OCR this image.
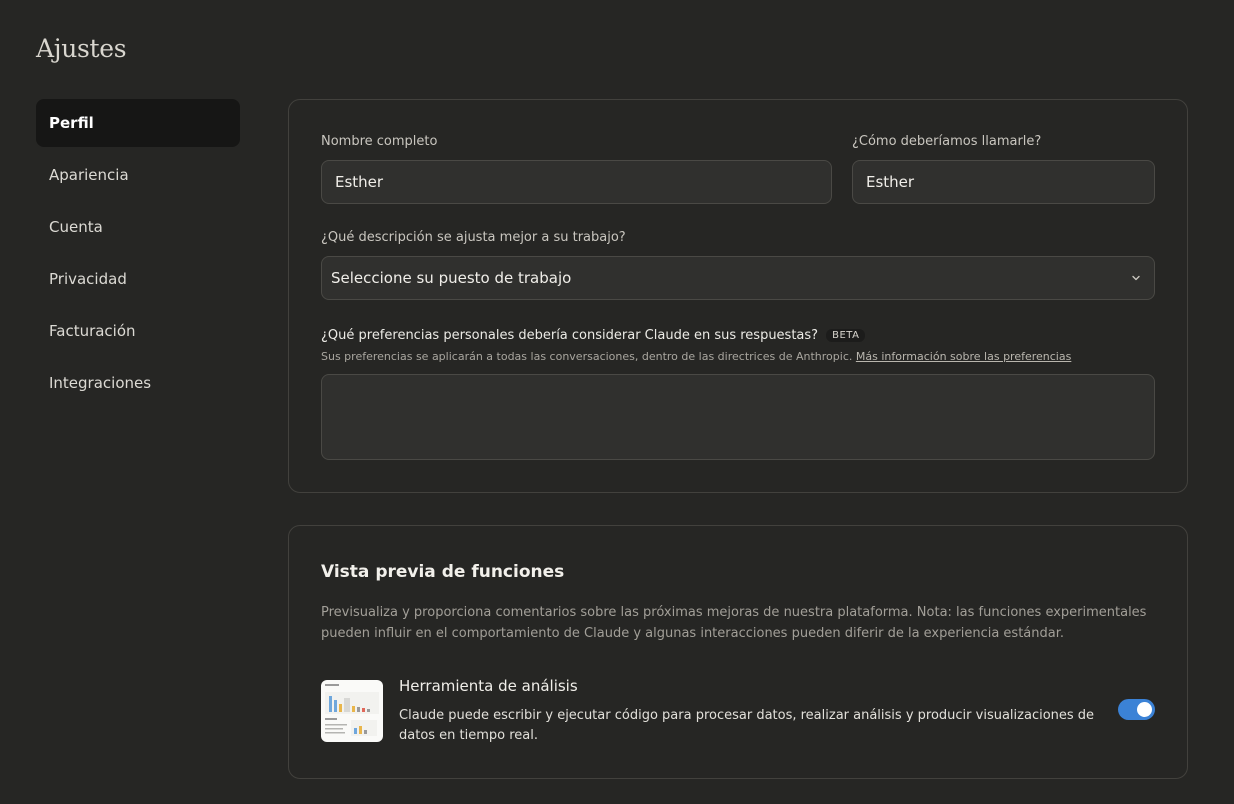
Ajustes
Perfil
Apariencia
Cuenta
Privacidad
Facturación
Integraciones
Nombre completo
Esther
¿Cómo deberíamos llamarle?
Esther
¿Qué descripción se ajusta mejor a su trabajo?
Seleccione su puesto de trabajo
¿Qué preferencias personales debería considerar Claude en sus respuestas? BETA
Sus preferencias se aplicarán a todas las conversaciones, dentro de las directrices de Anthropic. Más información sobre las preferencias
Vista previa de funciones

Previsualiza y proporciona comentarios sobre las próximas mejoras de nuestra plataforma. Nota: las funciones experimentales pueden influir en el comportamiento de Claude y algunas interacciones pueden diferir de la experiencia estándar.

Herramienta de análisis
Claude puede escribir y ejecutar código para procesar datos, realizar análisis y producir visualizaciones de datos en tiempo real.
